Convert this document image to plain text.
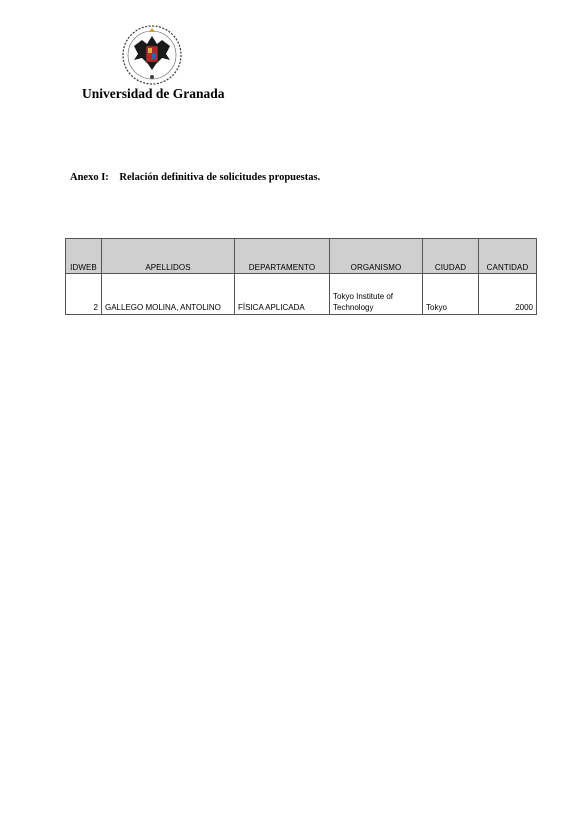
Universidad de Granada
Anexo I: Relación definitiva de solicitudes propuestas.
IDWEB	APELLIDOS	DEPARTAMENTO	ORGANISMO	CIUDAD	CANTIDAD
2	GALLEGO MOLINA, ANTOLINO	FÍSICA APLICADA	Tokyo Institute of Technology	Tokyo	2000
